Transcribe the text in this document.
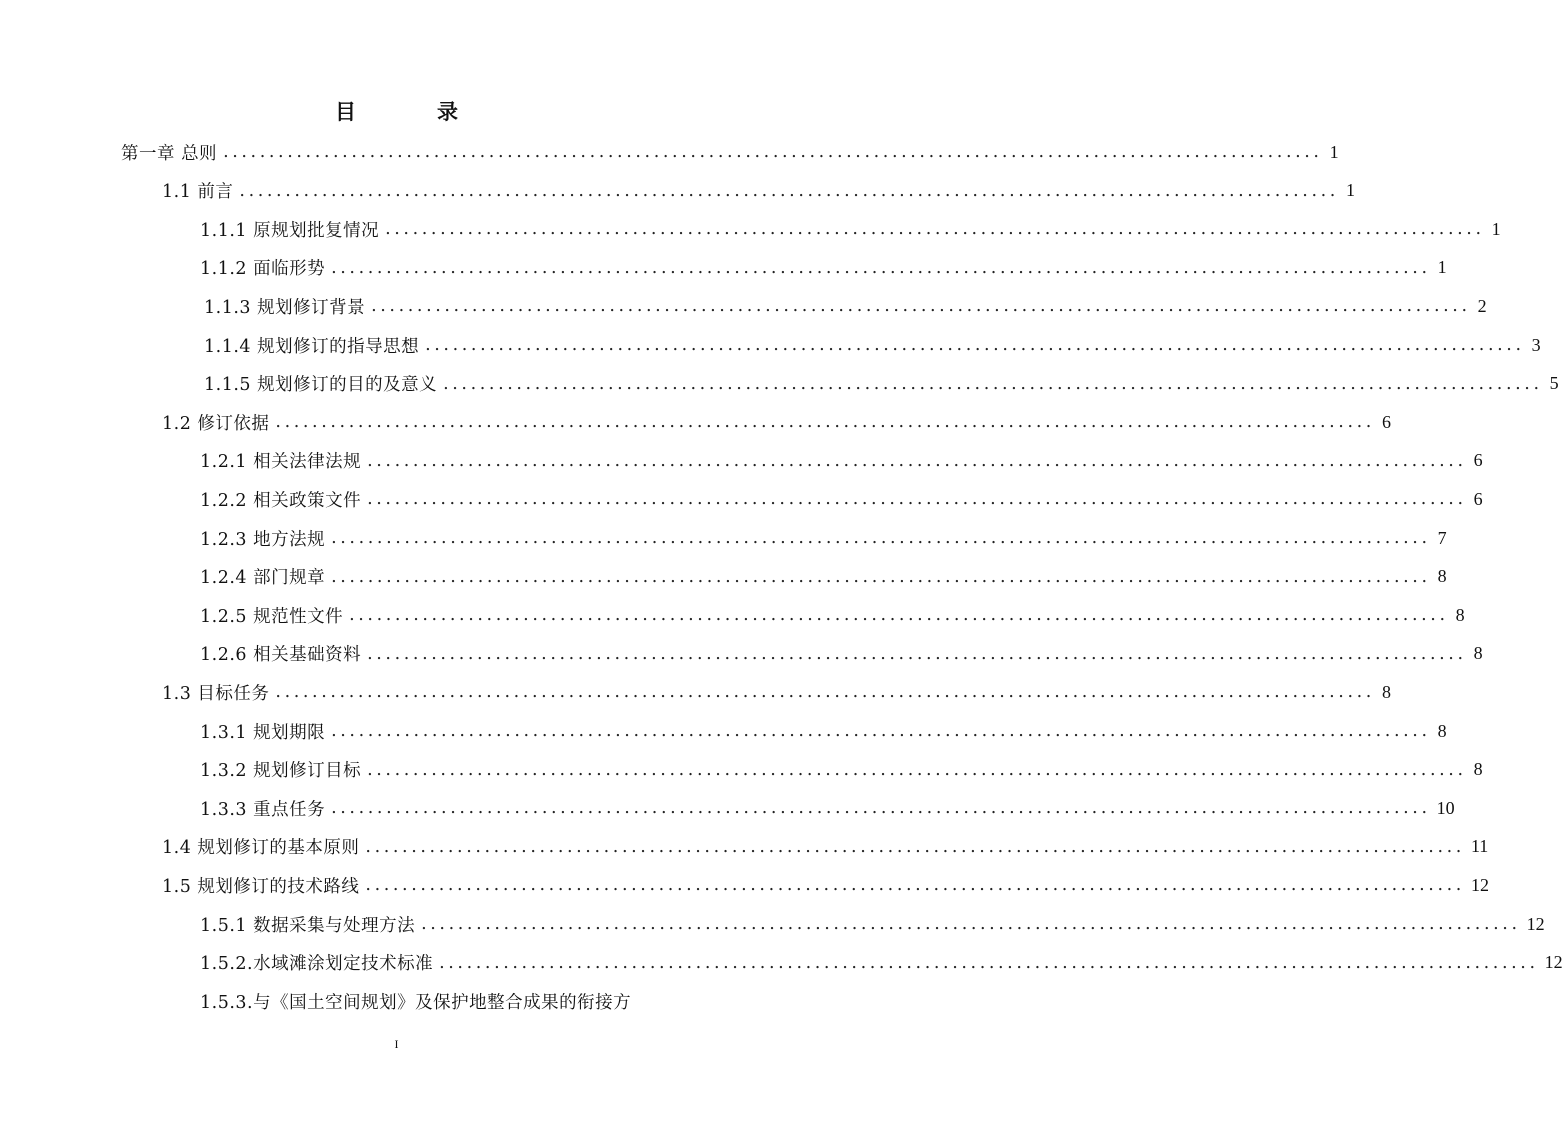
目　录
第一章 总则 ........................................................................................................................ 1
1.1 前言 ........................................................................................................................ 1
1.1.1 原规划批复情况 ........................................................................................................................ 1
1.1.2 面临形势 ........................................................................................................................ 1
1.1.3 规划修订背景 ........................................................................................................................ 2
1.1.4 规划修订的指导思想 ........................................................................................................................ 3
1.1.5 规划修订的目的及意义 ........................................................................................................................ 5
1.2 修订依据 ........................................................................................................................ 6
1.2.1 相关法律法规 ........................................................................................................................ 6
1.2.2 相关政策文件 ........................................................................................................................ 6
1.2.3 地方法规 ........................................................................................................................ 7
1.2.4 部门规章 ........................................................................................................................ 8
1.2.5 规范性文件 ........................................................................................................................ 8
1.2.6 相关基础资料 ........................................................................................................................ 8
1.3 目标任务 ........................................................................................................................ 8
1.3.1 规划期限 ........................................................................................................................ 8
1.3.2 规划修订目标 ........................................................................................................................ 8
1.3.3 重点任务 ........................................................................................................................ 10
1.4 规划修订的基本原则 ........................................................................................................................ 11
1.5 规划修订的技术路线 ........................................................................................................................ 12
1.5.1 数据采集与处理方法 ........................................................................................................................ 12
1.5.2.水域滩涂划定技术标准 ........................................................................................................................ 12
1.5.3.与《国土空间规划》及保护地整合成果的衔接方
I
